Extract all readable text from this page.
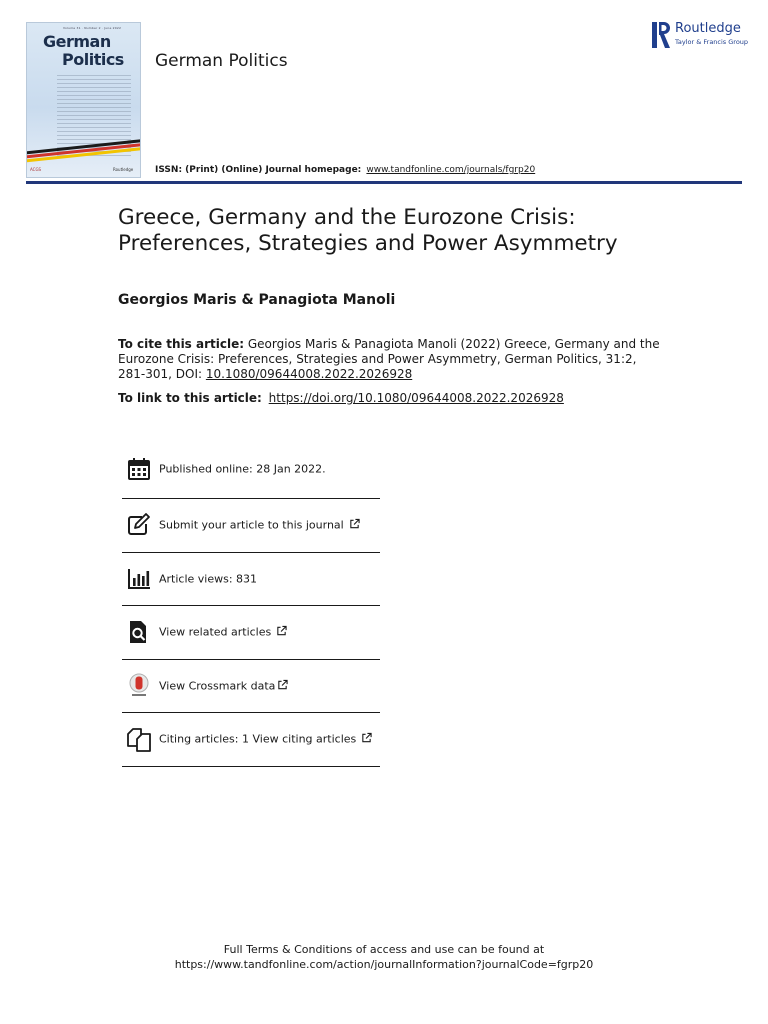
Volume 31 · Number 2 · June 2022
German
Politics
ACGS	Routledge
German Politics
ISSN: (Print) (Online) Journal homepage: www.tandfonline.com/journals/fgrp20
Routledge
Taylor & Francis Group
Greece, Germany and the Eurozone Crisis: Preferences, Strategies and Power Asymmetry
Georgios Maris & Panagiota Manoli
To cite this article: Georgios Maris & Panagiota Manoli (2022) Greece, Germany and the Eurozone Crisis: Preferences, Strategies and Power Asymmetry, German Politics, 31:2, 281-301, DOI: 10.1080/09644008.2022.2026928
To link to this article: https://doi.org/10.1080/09644008.2022.2026928
Published online: 28 Jan 2022.
Submit your article to this journal
Article views: 831
View related articles
View Crossmark data
Citing articles: 1 View citing articles
Full Terms & Conditions of access and use can be found at
https://www.tandfonline.com/action/journalInformation?journalCode=fgrp20
